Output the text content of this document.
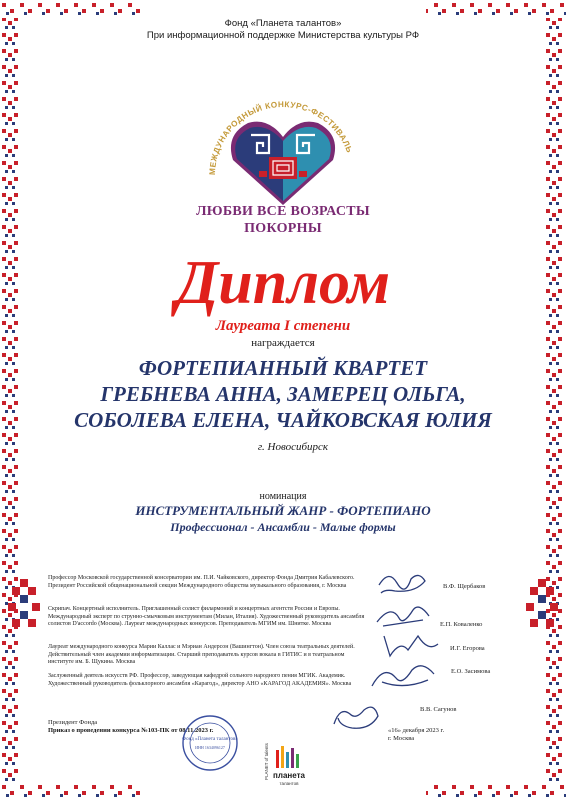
Фонд «Планета талантов»
При информационной поддержке Министерства культуры РФ
МЕЖДУНАРОДНЫЙ КОНКУРС-ФЕСТИВАЛЬ
ЛЮБВИ ВСЕ ВОЗРАСТЫ
ПОКОРНЫ
Диплом
Лауреата I степени
награждается
ФОРТЕПИАННЫЙ КВАРТЕТ
ГРЕБНЕВА АННА, ЗАМЕРЕЦ ОЛЬГА,
СОБОЛЕВА ЕЛЕНА, ЧАЙКОВСКАЯ ЮЛИЯ
г. Новосибирск
номинация
ИНСТРУМЕНТАЛЬНЫЙ ЖАНР - ФОРТЕПИАНО
Профессионал - Ансамбли - Малые формы
Профессор Московской государственной консерватории им. П.И. Чайковского, директор Фонда Дмитрия Кабалевского. Президент Российской общенациональной секции Международного общества музыкального образования, г. Москва
Скрипач. Концертный исполнитель. Приглашенный солист филармоний и концертных агентств России и Европы. Международный эксперт по струнно-смычковым инструментам (Милан, Италия). Художественный руководитель ансамбля солистов D'accordo (Москва). Лауреат международных конкурсов. Преподаватель МГИМ им. Шнитке. Москва
Лауреат международного конкурса Марии Каллас и Мэриан Андерсон (Вашингтон). Член союза театральных деятелей. Действительный член академии информатизации. Старший преподаватель курсов вокала в ГИТИС и в театральном институте им. Б. Щукина. Москва
Заслуженный деятель искусств РФ. Профессор, заведующая кафедрой сольного народного пения МГИК. Академик. Художественный руководитель фольклорного ансамбля «Карагод», директор АНО «КАРАГОД АКАДЕМИЯ». Москва
В.Ф. Щербаков
Е.П. Коваленко
И.Г. Егорова
Е.О. Засимова
Президент Фонда
Приказ о проведении конкурса №103-ПК от 08.11.2023 г.
Фонд «Планета талантов»
ИНН 1634096127	PLANET of talents планета
талантов
В.В. Сагунов
«16» декабря 2023 г.
г. Москва
